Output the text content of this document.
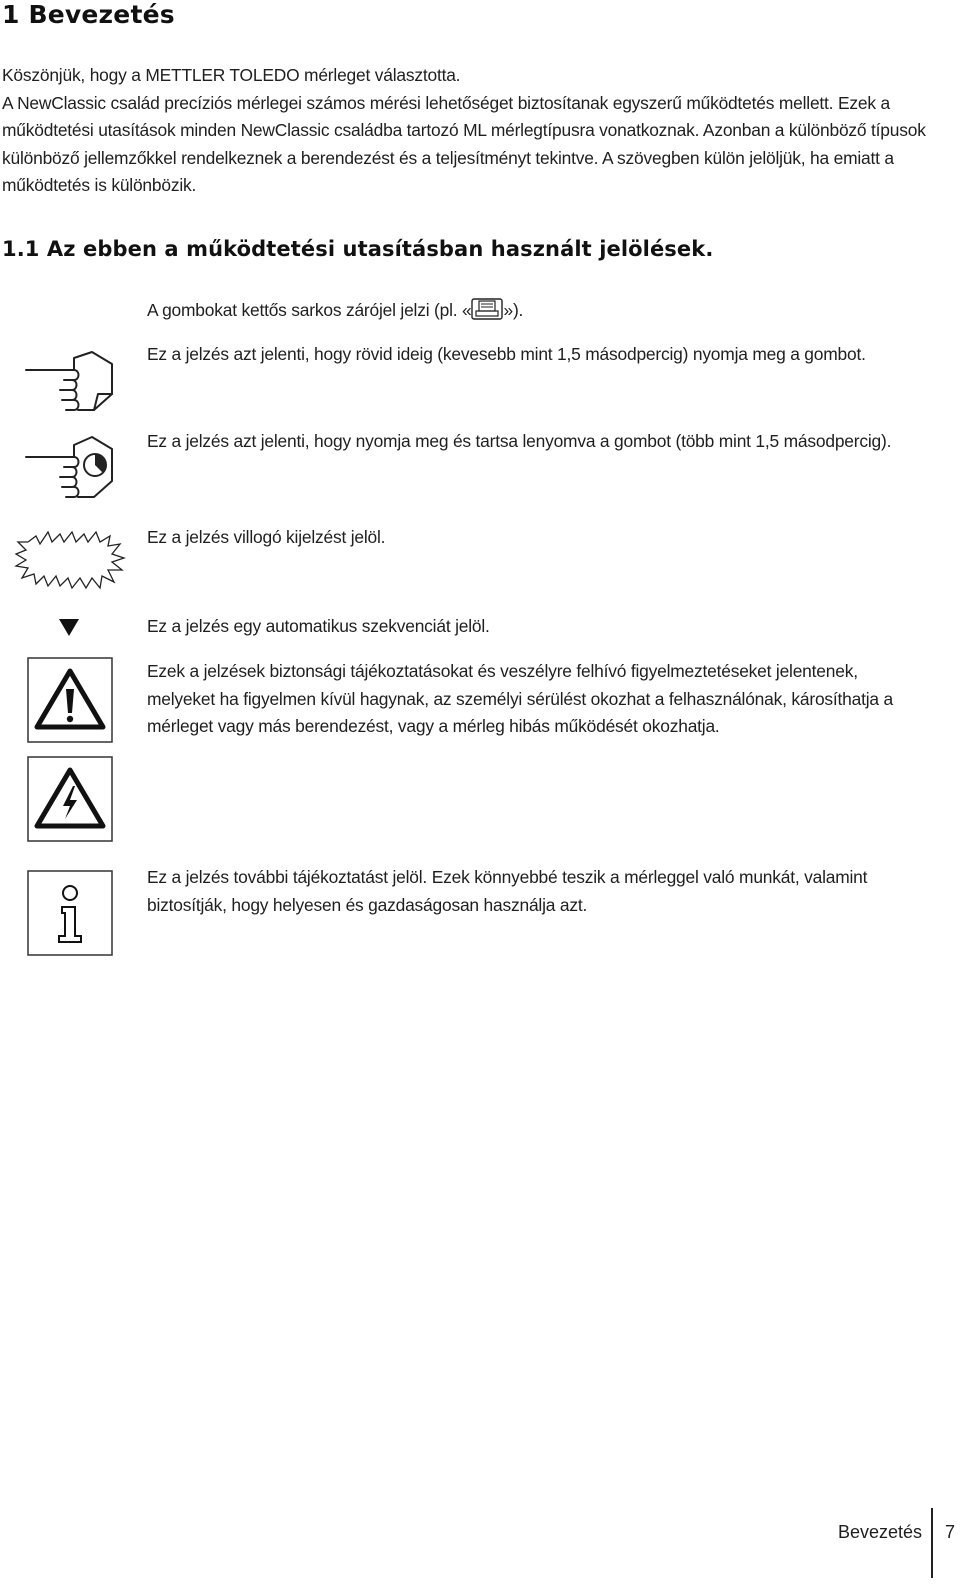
1 Bevezetés

Köszönjük, hogy a METTLER TOLEDO mérleget választotta.

A NewClassic család precíziós mérlegei számos mérési lehetőséget biztosítanak egyszerű működtetés mellett. Ezek a működtetési utasítások minden NewClassic családba tartozó ML mérlegtípusra vonatkoznak. Azonban a különböző típusok különböző jellemzőkkel rendelkeznek a berendezést és a teljesítményt tekintve. A szövegben külön jelöljük, ha emiatt a működtetés is különbözik.

1.1 Az ebben a működtetési utasításban használt jelölések.

A gombokat kettős sarkos zárójel jelzi (pl. « »).

Ez a jelzés azt jelenti, hogy rövid ideig (kevesebb mint 1,5 másodpercig) nyomja meg a gombot.

Ez a jelzés azt jelenti, hogy nyomja meg és tartsa lenyomva a gombot (több mint 1,5 másodpercig).

Ez a jelzés villogó kijelzést jelöl.

Ez a jelzés egy automatikus szekvenciát jelöl.

Ezek a jelzések biztonsági tájékoztatásokat és veszélyre felhívó figyelmeztetéseket jelentenek, melyeket ha figyelmen kívül hagynak, az személyi sérülést okozhat a felhasználónak, károsíthatja a mérleget vagy más berendezést, vagy a mérleg hibás működését okozhatja.

Ez a jelzés további tájékoztatást jelöl. Ezek könnyebbé teszik a mérleggel való munkát, valamint biztosítják, hogy helyesen és gazdaságosan használja azt.

Bevezetés 7
